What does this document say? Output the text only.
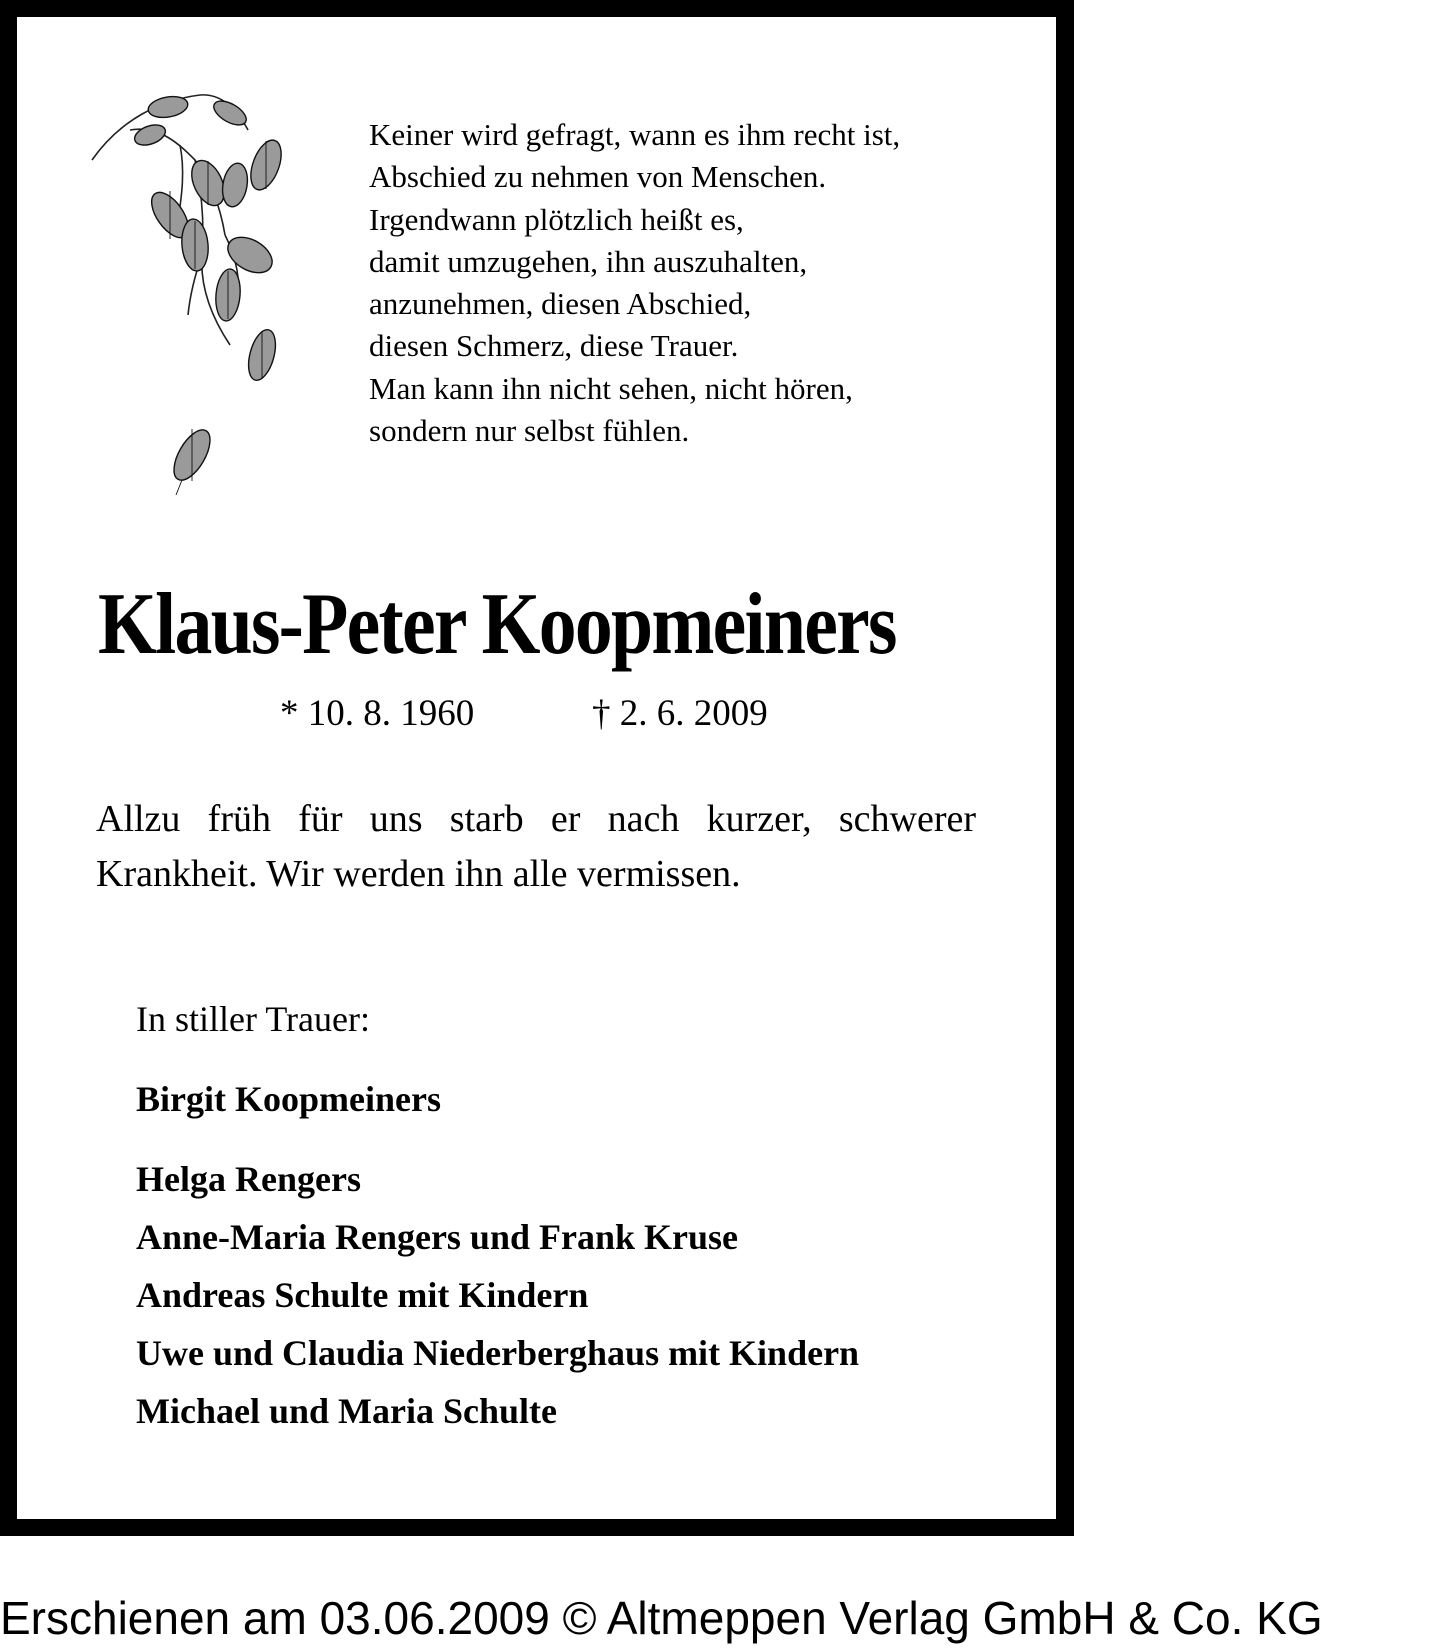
Keiner wird gefragt, wann es ihm recht ist,
Abschied zu nehmen von Menschen.
Irgendwann plötzlich heißt es,
damit umzugehen, ihn auszuhalten,
anzunehmen, diesen Abschied,
diesen Schmerz, diese Trauer.
Man kann ihn nicht sehen, nicht hören,
sondern nur selbst fühlen.
Klaus-Peter Koopmeiners
* 10. 8. 1960	† 2. 6. 2009
Allzu früh für uns starb er nach kurzer, schwerer Krankheit. Wir werden ihn alle vermissen.
In stiller Trauer:
Birgit Koopmeiners
Helga Rengers
Anne-Maria Rengers und Frank Kruse
Andreas Schulte mit Kindern
Uwe und Claudia Niederberghaus mit Kindern
Michael und Maria Schulte
Erschienen am 03.06.2009 © Altmeppen Verlag GmbH & Co. KG
